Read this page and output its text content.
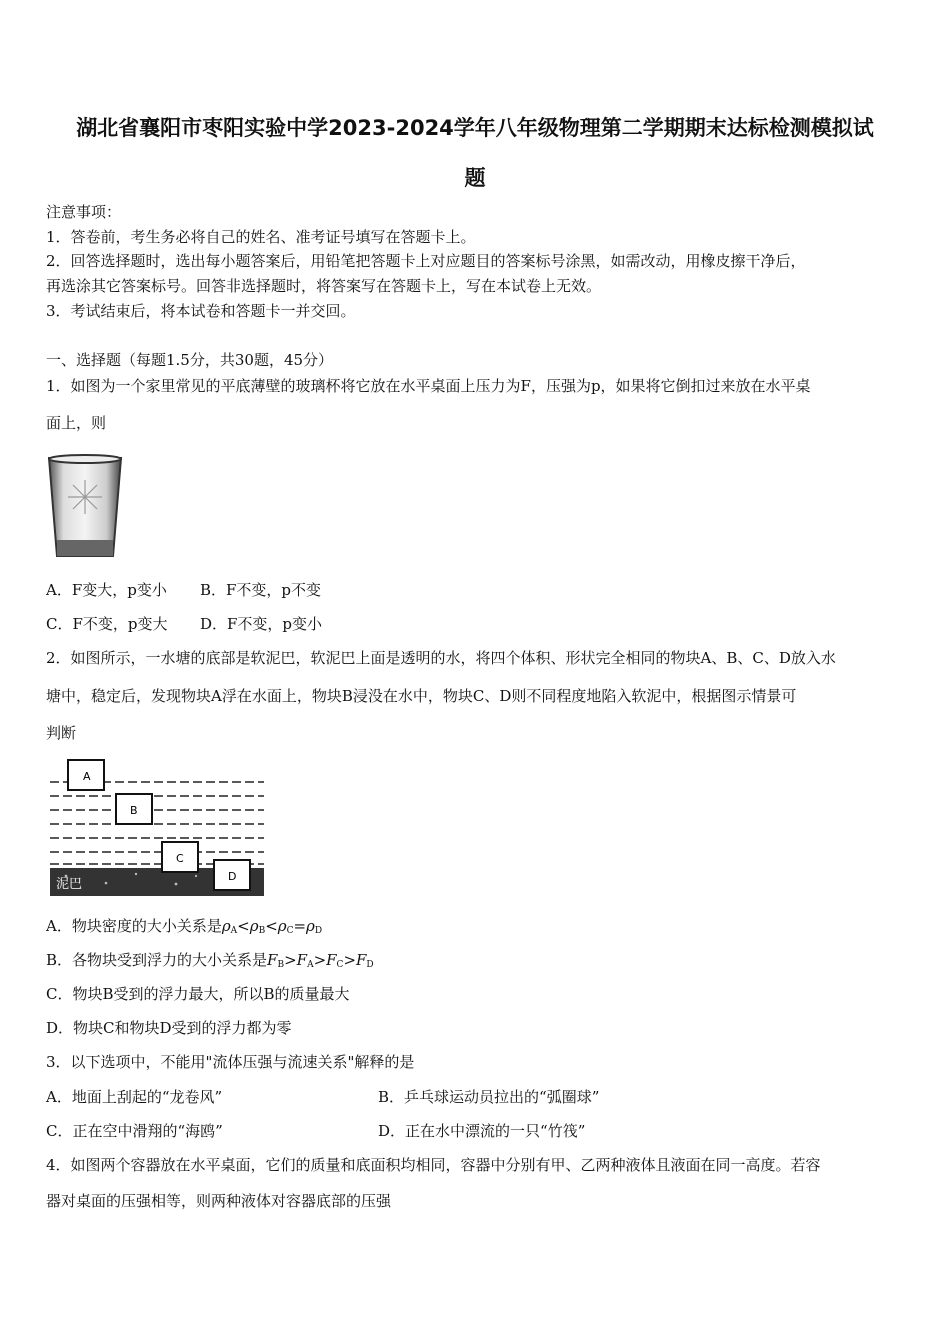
湖北省襄阳市枣阳实验中学2023-2024学年八年级物理第二学期期末达标检测模拟试
题
注意事项：
1．答卷前，考生务必将自己的姓名、准考证号填写在答题卡上。
2．回答选择题时，选出每小题答案后，用铅笔把答题卡上对应题目的答案标号涂黑，如需改动，用橡皮擦干净后，
再选涂其它答案标号。回答非选择题时，将答案写在答题卡上，写在本试卷上无效。
3．考试结束后，将本试卷和答题卡一并交回。
一、选择题（每题1.5分，共30题，45分）
1．如图为一个家里常见的平底薄壁的玻璃杯将它放在水平桌面上压力为F，压强为p，如果将它倒扣过来放在水平桌
面上，则
A．F变大，p变小 B．F不变，p不变
C．F不变，p变大 D．F不变，p变小
2．如图所示，一水塘的底部是软泥巴，软泥巴上面是透明的水，将四个体积、形状完全相同的物块A、B、C、D放入水
塘中，稳定后，发现物块A浮在水面上，物块B浸没在水中，物块C、D则不同程度地陷入软泥中，根据图示情景可
判断
泥巴
A
B
C
D
A．物块密度的大小关系是$\rho_A<\rho_B<\rho_C=\rho_D$
B．各物块受到浮力的大小关系是$F_B>F_A>F_C>F_D$
C．物块B受到的浮力最大，所以B的质量最大
D．物块C和物块D受到的浮力都为零
3．以下选项中，不能用"流体压强与流速关系"解释的是
A．地面上刮起的“龙卷风”	B．乒乓球运动员拉出的“弧圈球”
C．正在空中滑翔的“海鸥”	D．正在水中漂流的一只“竹筏”
4．如图两个容器放在水平桌面，它们的质量和底面积均相同，容器中分别有甲、乙两种液体且液面在同一高度。若容
器对桌面的压强相等，则两种液体对容器底部的压强
